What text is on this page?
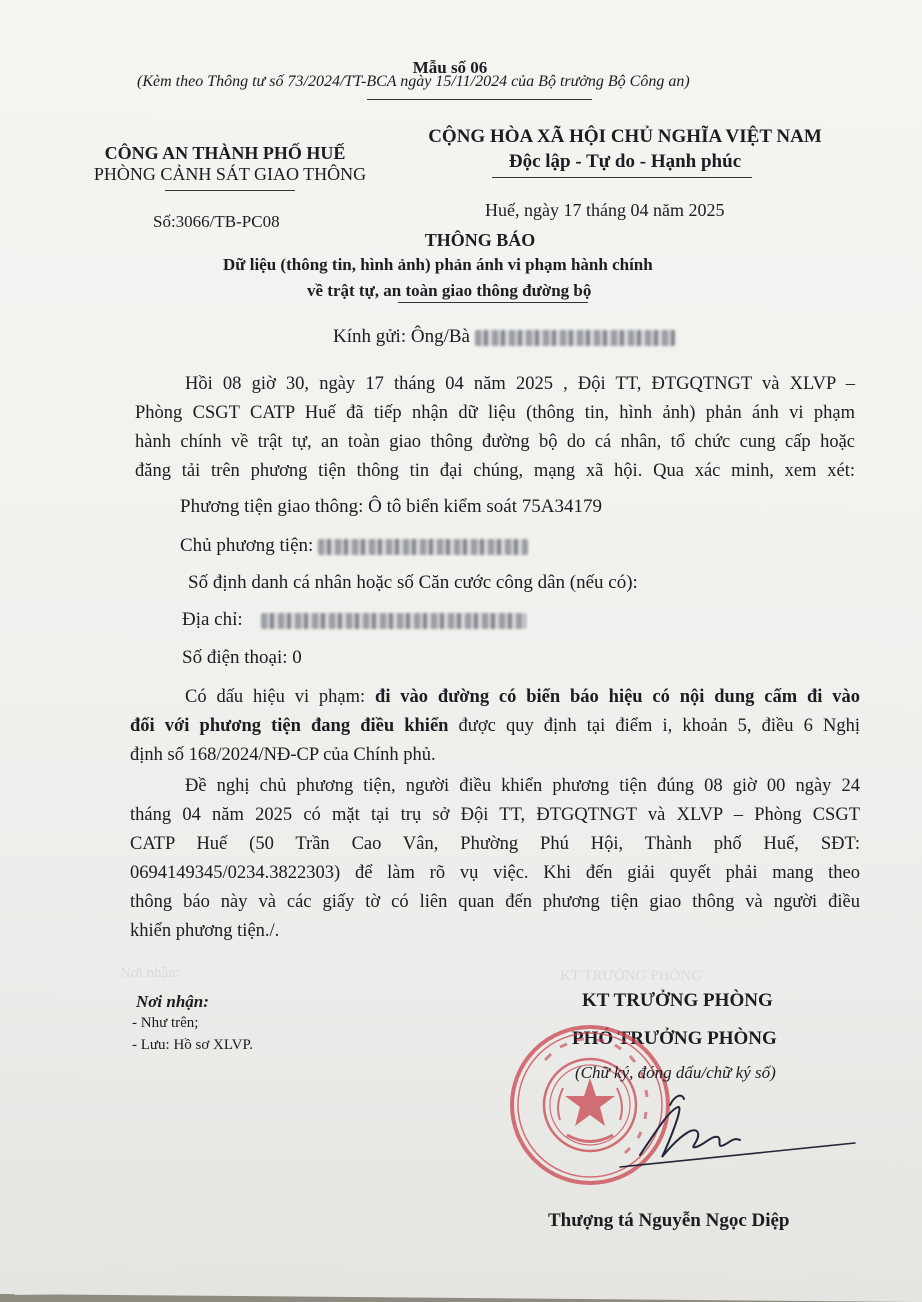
Nơi nhận:	KT TRƯỞNG PHÒNG
Mẫu số 06
(Kèm theo Thông tư số 73/2024/TT-BCA ngày 15/11/2024 của Bộ trưởng Bộ Công an)
CÔNG AN THÀNH PHỐ HUẾ
PHÒNG CẢNH SÁT GIAO THÔNG
Số:3066/TB-PC08
CỘNG HÒA XÃ HỘI CHỦ NGHĨA VIỆT NAM
Độc lập - Tự do - Hạnh phúc
Huế, ngày 17 tháng 04 năm 2025
THÔNG BÁO
Dữ liệu (thông tin, hình ảnh) phản ánh vi phạm hành chính
về trật tự, an toàn giao thông đường bộ
Kính gửi: Ông/Bà
Hồi 08 giờ 30, ngày 17 tháng 04 năm 2025 , Đội TT, ĐTGQTNGT và XLVP –
Phòng CSGT CATP Huế đã tiếp nhận dữ liệu (thông tin, hình ảnh) phản ánh vi phạm
hành chính về trật tự, an toàn giao thông đường bộ do cá nhân, tổ chức cung cấp hoặc
đăng tải trên phương tiện thông tin đại chúng, mạng xã hội. Qua xác minh, xem xét:
Phương tiện giao thông: Ô tô biển kiểm soát 75A34179
Chủ phương tiện:
Số định danh cá nhân hoặc số Căn cước công dân (nếu có):
Địa chỉ:
Số điện thoại: 0
Có dấu hiệu vi phạm: đi vào đường có biển báo hiệu có nội dung cấm đi vào
đối với phương tiện đang điều khiển được quy định tại điểm i, khoản 5, điều 6 Nghị
định số 168/2024/NĐ-CP của Chính phủ.
Đề nghị chủ phương tiện, người điều khiển phương tiện đúng 08 giờ 00 ngày 24
tháng 04 năm 2025 có mặt tại trụ sở Đội TT, ĐTGQTNGT và XLVP – Phòng CSGT
CATP Huế (50 Trần Cao Vân, Phường Phú Hội, Thành phố Huế, SĐT:
0694149345/0234.3822303) để làm rõ vụ việc. Khi đến giải quyết phải mang theo
thông báo này và các giấy tờ có liên quan đến phương tiện giao thông và người điều
khiển phương tiện./.
Nơi nhận:
- Như trên;
- Lưu: Hồ sơ XLVP.
KT TRƯỞNG PHÒNG
PHÓ TRƯỞNG PHÒNG
(Chữ ký, đóng dấu/chữ ký số)
Thượng tá Nguyễn Ngọc Diệp
